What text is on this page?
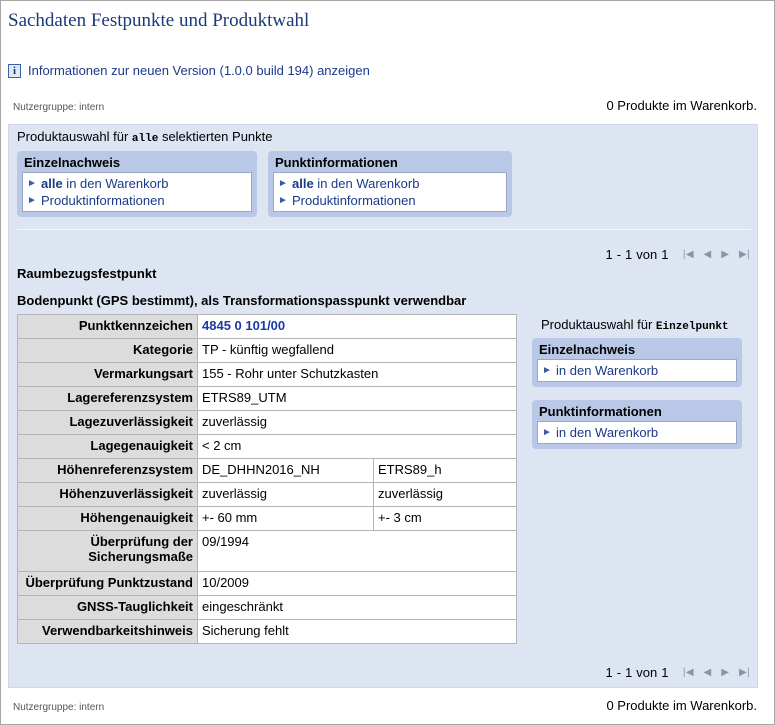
Sachdaten Festpunkte und Produktwahl
i Informationen zur neuen Version (1.0.0 build 194) anzeigen
Nutzergruppe: intern	0 Produkte im Warenkorb.
Produktauswahl für alle selektierten Punkte
Einzelnachweis
► alle in den Warenkorb
► Produktinformationen
Punktinformationen
► alle in den Warenkorb
► Produktinformationen
1 - 1 von 1 |◀ ◀ ▶ ▶|
Raumbezugsfestpunkt
Bodenpunkt (GPS bestimmt), als Transformationspasspunkt verwendbar
Punktkennzeichen	4845 0 101/00	
Kategorie	TP - künftig wegfallend	
Vermarkungsart	155 - Rohr unter Schutzkasten	
Lagereferenzsystem	ETRS89_UTM	
Lagezuverlässigkeit	zuverlässig	
Lagegenauigkeit	< 2 cm	
Höhenreferenzsystem	DE_DHHN2016_NH	ETRS89_h
Höhenzuverlässigkeit	zuverlässig	zuverlässig
Höhengenauigkeit	+- 60 mm	+- 3 cm
Überprüfung der Sicherungsmaße	09/1994	
Überprüfung Punktzustand	10/2009	
GNSS-Tauglichkeit	eingeschränkt	
Verwendbarkeitshinweis	Sicherung fehlt	
Produktauswahl für Einzelpunkt
Einzelnachweis
► in den Warenkorb
Punktinformationen
► in den Warenkorb
1 - 1 von 1 |◀ ◀ ▶ ▶|
Nutzergruppe: intern	0 Produkte im Warenkorb.
